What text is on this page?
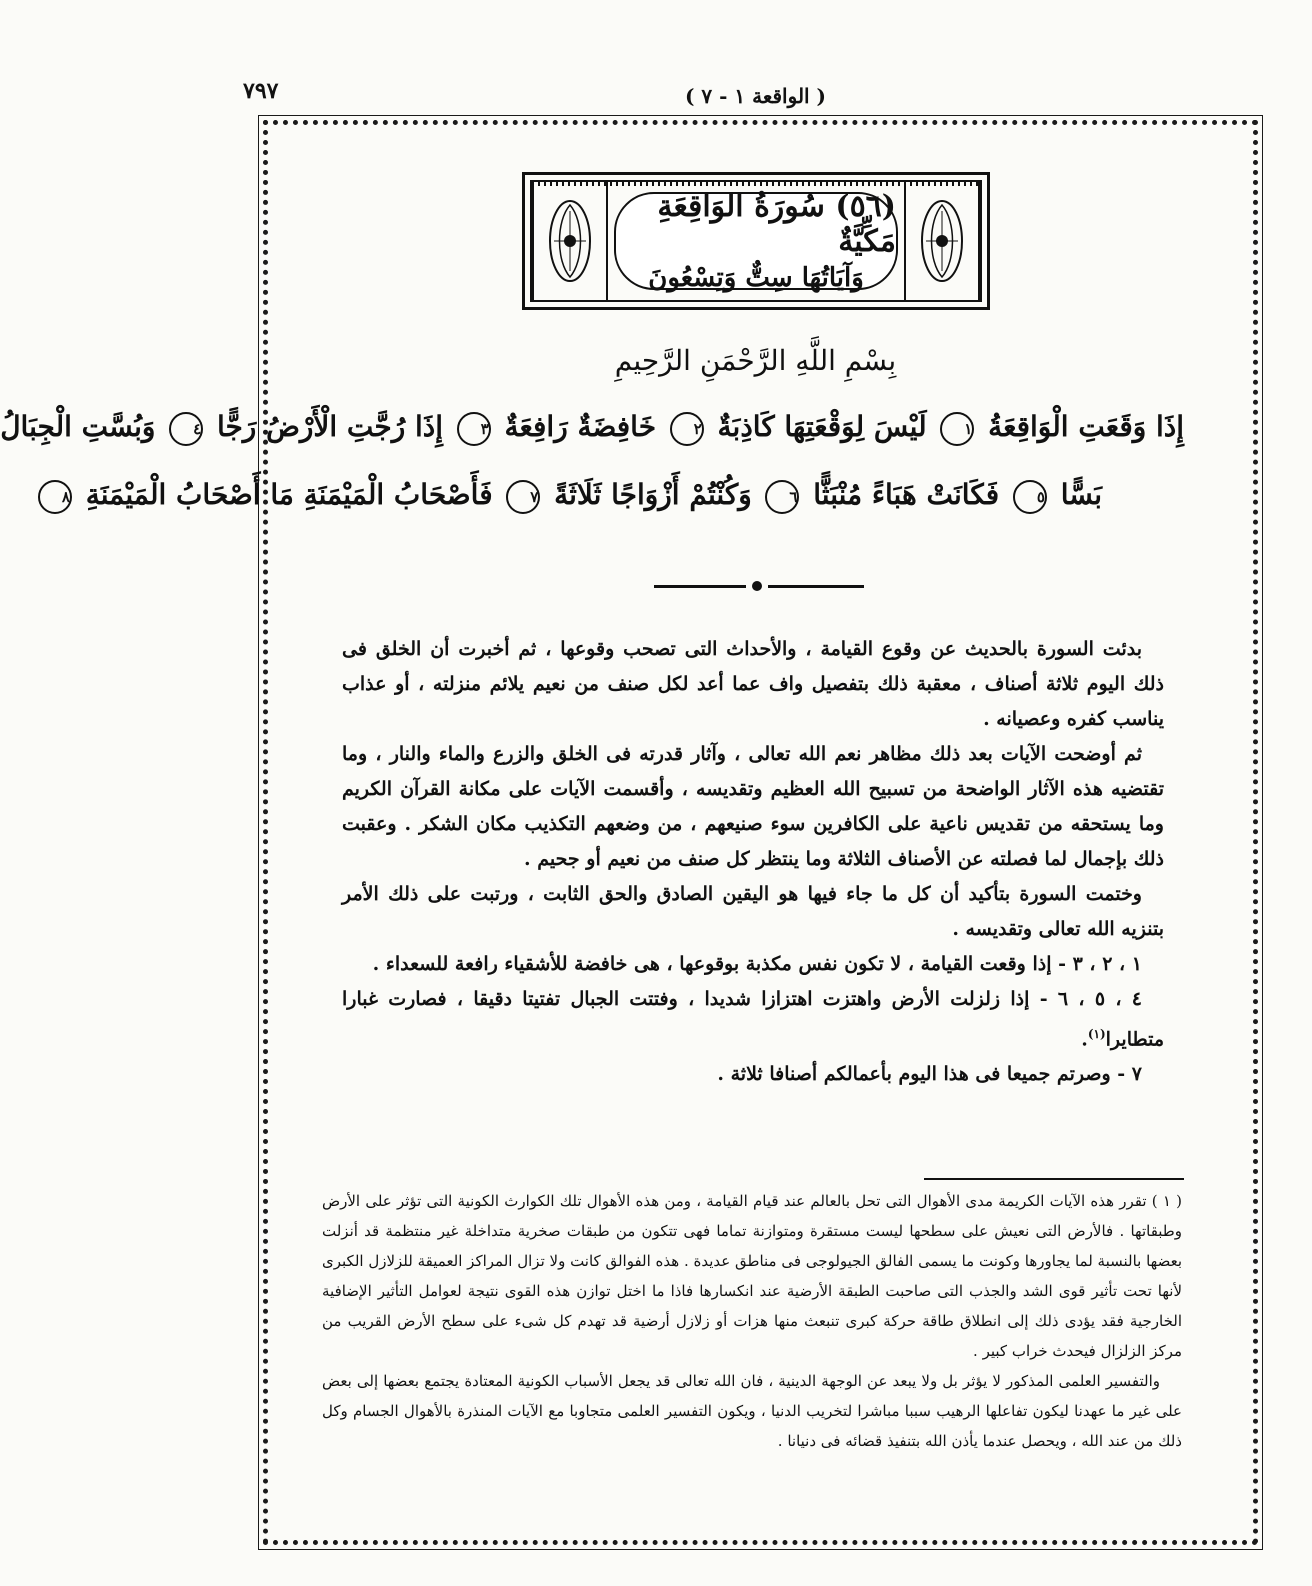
٧٩٧	( الواقعة ١ - ٧ )
(٥٦) سُورَةُ الوَاقِعَةِ مَكِّيَّةٌ
وَآيَاتُهَا سِتٌّ وَتِسْعُونَ
بِسْمِ اللَّهِ الرَّحْمَنِ الرَّحِيمِ
إِذَا وَقَعَتِ الْوَاقِعَةُ ١ لَيْسَ لِوَقْعَتِهَا كَاذِبَةٌ ٢ خَافِضَةٌ رَافِعَةٌ ٣ إِذَا رُجَّتِ الْأَرْضُ رَجًّا ٤ وَبُسَّتِ الْجِبَالُ
بَسًّا ٥ فَكَانَتْ هَبَاءً مُنْبَثًّا ٦ وَكُنْتُمْ أَزْوَاجًا ثَلَاثَةً ٧ فَأَصْحَابُ الْمَيْمَنَةِ مَا أَصْحَابُ الْمَيْمَنَةِ ٨

بدئت السورة بالحديث عن وقوع القيامة ، والأحداث التى تصحب وقوعها ، ثم أخبرت أن الخلق فى ذلك اليوم ثلاثة أصناف ، معقبة ذلك بتفصيل واف عما أعد لكل صنف من نعيم يلائم منزلته ، أو عذاب يناسب كفره وعصيانه .

ثم أوضحت الآيات بعد ذلك مظاهر نعم الله تعالى ، وآثار قدرته فى الخلق والزرع والماء والنار ، وما تقتضيه هذه الآثار الواضحة من تسبيح الله العظيم وتقديسه ، وأقسمت الآيات على مكانة القرآن الكريم وما يستحقه من تقديس ناعية على الكافرين سوء صنيعهم ، من وضعهم التكذيب مكان الشكر . وعقبت ذلك بإجمال لما فصلته عن الأصناف الثلاثة وما ينتظر كل صنف من نعيم أو جحيم .

وختمت السورة بتأكيد أن كل ما جاء فيها هو اليقين الصادق والحق الثابت ، ورتبت على ذلك الأمر بتنزيه الله تعالى وتقديسه .

١ ، ٢ ، ٣ - إذا وقعت القيامة ، لا تكون نفس مكذبة بوقوعها ، هى خافضة للأشقياء رافعة للسعداء .

٤ ، ٥ ، ٦ - إذا زلزلت الأرض واهتزت اهتزازا شديدا ، وفتتت الجبال تفتيتا دقيقا ، فصارت غبارا متطايرا$^{(١)}$.

٧ - وصرتم جميعا فى هذا اليوم بأعمالكم أصنافا ثلاثة .

( ١ ) تقرر هذه الآيات الكريمة مدى الأهوال التى تحل بالعالم عند قيام القيامة ، ومن هذه الأهوال تلك الكوارث الكونية التى تؤثر على الأرض وطبقاتها . فالأرض التى نعيش على سطحها ليست مستقرة ومتوازنة تماما فهى تتكون من طبقات صخرية متداخلة غير منتظمة قد أنزلت بعضها بالنسبة لما يجاورها وكونت ما يسمى الفالق الجيولوجى فى مناطق عديدة . هذه الفوالق كانت ولا تزال المراكز العميقة للزلازل الكبرى لأنها تحت تأثير قوى الشد والجذب التى صاحبت الطبقة الأرضية عند انكسارها فاذا ما اختل توازن هذه القوى نتيجة لعوامل التأثير الإضافية الخارجية فقد يؤدى ذلك إلى انطلاق طاقة حركة كبرى تنبعث منها هزات أو زلازل أرضية قد تهدم كل شىء على سطح الأرض القريب من مركز الزلزال فيحدث خراب كبير .

والتفسير العلمى المذكور لا يؤثر بل ولا يبعد عن الوجهة الدينية ، فان الله تعالى قد يجعل الأسباب الكونية المعتادة يجتمع بعضها إلى بعض على غير ما عهدنا ليكون تفاعلها الرهيب سببا مباشرا لتخريب الدنيا ، ويكون التفسير العلمى متجاوبا مع الآيات المنذرة بالأهوال الجسام وكل ذلك من عند الله ، ويحصل عندما يأذن الله بتنفيذ قضائه فى دنيانا .
